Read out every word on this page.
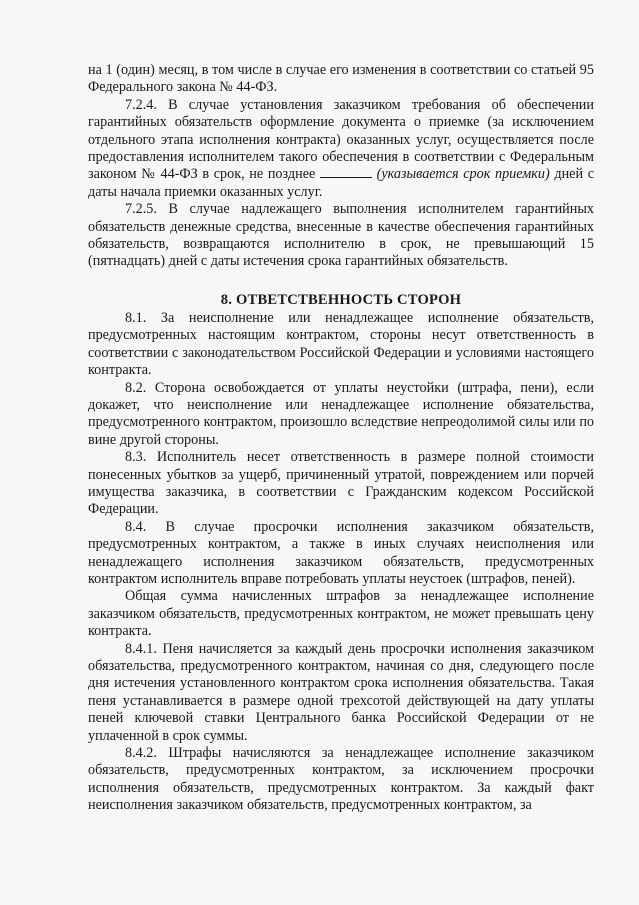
на 1 (один) месяц, в том числе в случае его изменения в соответствии со статьей 95 Федерального закона № 44-ФЗ.

7.2.4. В случае установления заказчиком требования об обеспечении гарантийных обязательств оформление документа о приемке (за исключением отдельного этапа исполнения контракта) оказанных услуг, осуществляется после предоставления исполнителем такого обеспечения в соответствии с Федеральным законом № 44-ФЗ в срок, не позднее	(указывается срок приемки) дней с даты начала приемки оказанных услуг.

7.2.5. В случае надлежащего выполнения исполнителем гарантийных обязательств денежные средства, внесенные в качестве обеспечения гарантийных обязательств, возвращаются исполнителю в срок, не превышающий 15 (пятнадцать) дней с даты истечения срока гарантийных обязательств.

8. ОТВЕТСТВЕННОСТЬ СТОРОН

8.1. За неисполнение или ненадлежащее исполнение обязательств, предусмотренных настоящим контрактом, стороны несут ответственность в соответствии с законодательством Российской Федерации и условиями настоящего контракта.

8.2. Сторона освобождается от уплаты неустойки (штрафа, пени), если докажет, что неисполнение или ненадлежащее исполнение обязательства, предусмотренного контрактом, произошло вследствие непреодолимой силы или по вине другой стороны.

8.3. Исполнитель несет ответственность в размере полной стоимости понесенных убытков за ущерб, причиненный утратой, повреждением или порчей имущества заказчика, в соответствии с Гражданским кодексом Российской Федерации.

8.4. В случае просрочки исполнения заказчиком обязательств, предусмотренных контрактом, а также в иных случаях неисполнения или ненадлежащего исполнения заказчиком обязательств, предусмотренных контрактом исполнитель вправе потребовать уплаты неустоек (штрафов, пеней).

Общая сумма начисленных штрафов за ненадлежащее исполнение заказчиком обязательств, предусмотренных контрактом, не может превышать цену контракта.

8.4.1. Пеня начисляется за каждый день просрочки исполнения заказчиком обязательства, предусмотренного контрактом, начиная со дня, следующего после дня истечения установленного контрактом срока исполнения обязательства. Такая пеня устанавливается в размере одной трехсотой действующей на дату уплаты пеней ключевой ставки Центрального банка Российской Федерации от не уплаченной в срок суммы.

8.4.2. Штрафы начисляются за ненадлежащее исполнение заказчиком обязательств, предусмотренных контрактом, за исключением просрочки исполнения обязательств, предусмотренных контрактом. За каждый факт неисполнения заказчиком обязательств, предусмотренных контрактом, за
